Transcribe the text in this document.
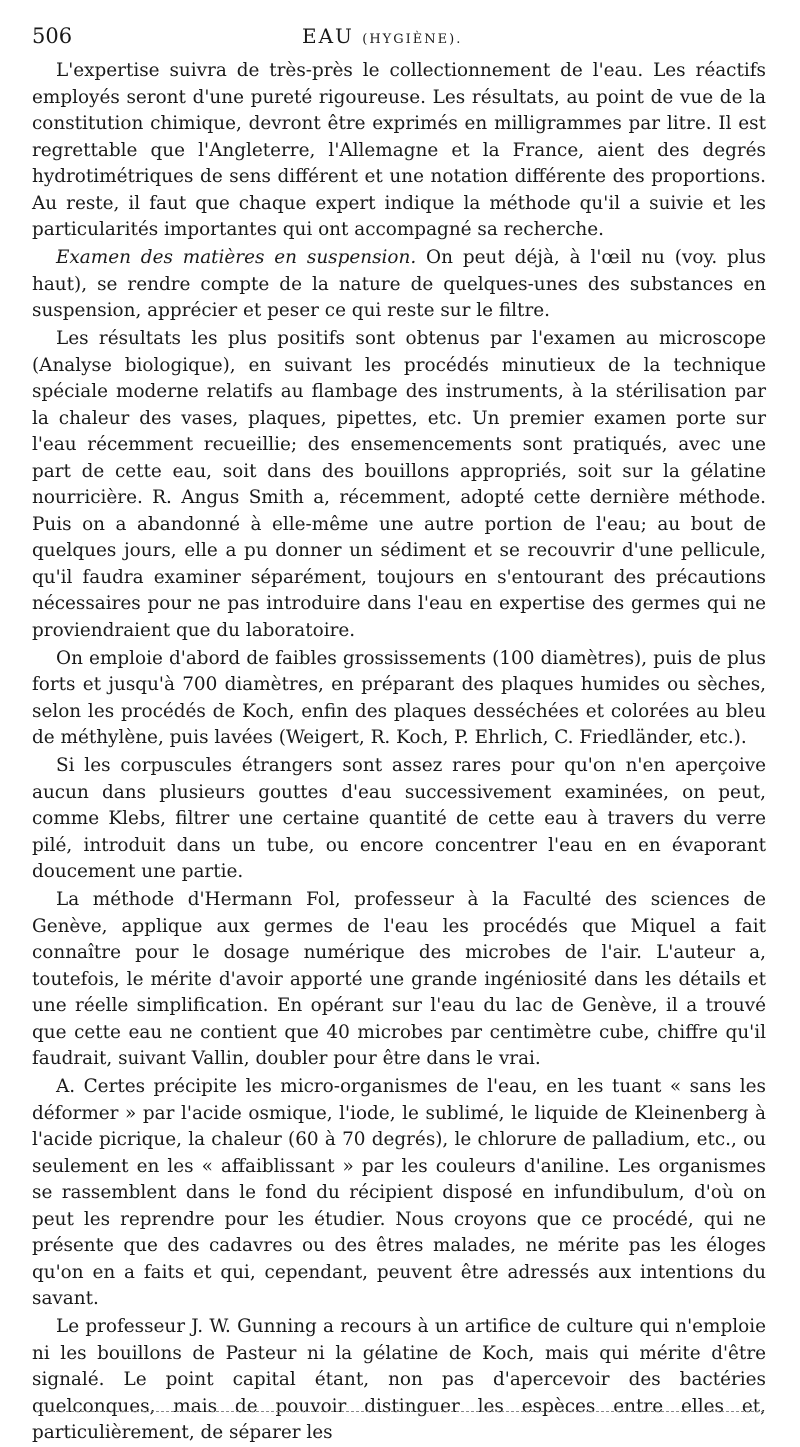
506	EAU (HYGIÈNE).

L'expertise suivra de très-près le collectionnement de l'eau. Les réactifs employés seront d'une pureté rigoureuse. Les résultats, au point de vue de la constitution chimique, devront être exprimés en milligrammes par litre. Il est regrettable que l'Angleterre, l'Allemagne et la France, aient des degrés hydrotimétriques de sens différent et une notation différente des proportions. Au reste, il faut que chaque expert indique la méthode qu'il a suivie et les particularités importantes qui ont accompagné sa recherche.

Examen des matières en suspension. On peut déjà, à l'œil nu (voy. plus haut), se rendre compte de la nature de quelques-unes des substances en suspension, apprécier et peser ce qui reste sur le filtre.

Les résultats les plus positifs sont obtenus par l'examen au microscope (Analyse biologique), en suivant les procédés minutieux de la technique spéciale moderne relatifs au flambage des instruments, à la stérilisation par la chaleur des vases, plaques, pipettes, etc. Un premier examen porte sur l'eau récemment recueillie; des ensemencements sont pratiqués, avec une part de cette eau, soit dans des bouillons appropriés, soit sur la gélatine nourricière. R. Angus Smith a, récemment, adopté cette dernière méthode. Puis on a abandonné à elle-même une autre portion de l'eau; au bout de quelques jours, elle a pu donner un sédiment et se recouvrir d'une pellicule, qu'il faudra examiner séparément, toujours en s'entourant des précautions nécessaires pour ne pas introduire dans l'eau en expertise des germes qui ne proviendraient que du laboratoire.

On emploie d'abord de faibles grossissements (100 diamètres), puis de plus forts et jusqu'à 700 diamètres, en préparant des plaques humides ou sèches, selon les procédés de Koch, enfin des plaques desséchées et colorées au bleu de méthylène, puis lavées (Weigert, R. Koch, P. Ehrlich, C. Friedländer, etc.).

Si les corpuscules étrangers sont assez rares pour qu'on n'en aperçoive aucun dans plusieurs gouttes d'eau successivement examinées, on peut, comme Klebs, filtrer une certaine quantité de cette eau à travers du verre pilé, introduit dans un tube, ou encore concentrer l'eau en en évaporant doucement une partie.

La méthode d'Hermann Fol, professeur à la Faculté des sciences de Genève, applique aux germes de l'eau les procédés que Miquel a fait connaître pour le dosage numérique des microbes de l'air. L'auteur a, toutefois, le mérite d'avoir apporté une grande ingéniosité dans les détails et une réelle simplification. En opérant sur l'eau du lac de Genève, il a trouvé que cette eau ne contient que 40 microbes par centimètre cube, chiffre qu'il faudrait, suivant Vallin, doubler pour être dans le vrai.

A. Certes précipite les micro-organismes de l'eau, en les tuant « sans les déformer » par l'acide osmique, l'iode, le sublimé, le liquide de Kleinenberg à l'acide picrique, la chaleur (60 à 70 degrés), le chlorure de palladium, etc., ou seulement en les « affaiblissant » par les couleurs d'aniline. Les organismes se rassemblent dans le fond du récipient disposé en infundibulum, d'où on peut les reprendre pour les étudier. Nous croyons que ce procédé, qui ne présente que des cadavres ou des êtres malades, ne mérite pas les éloges qu'on en a faits et qui, cependant, peuvent être adressés aux intentions du savant.

Le professeur J. W. Gunning a recours à un artifice de culture qui n'emploie ni les bouillons de Pasteur ni la gélatine de Koch, mais qui mérite d'être signalé. Le point capital étant, non pas d'apercevoir des bactéries quelconques, mais de pouvoir distinguer les espèces entre elles et, particulièrement, de séparer les
